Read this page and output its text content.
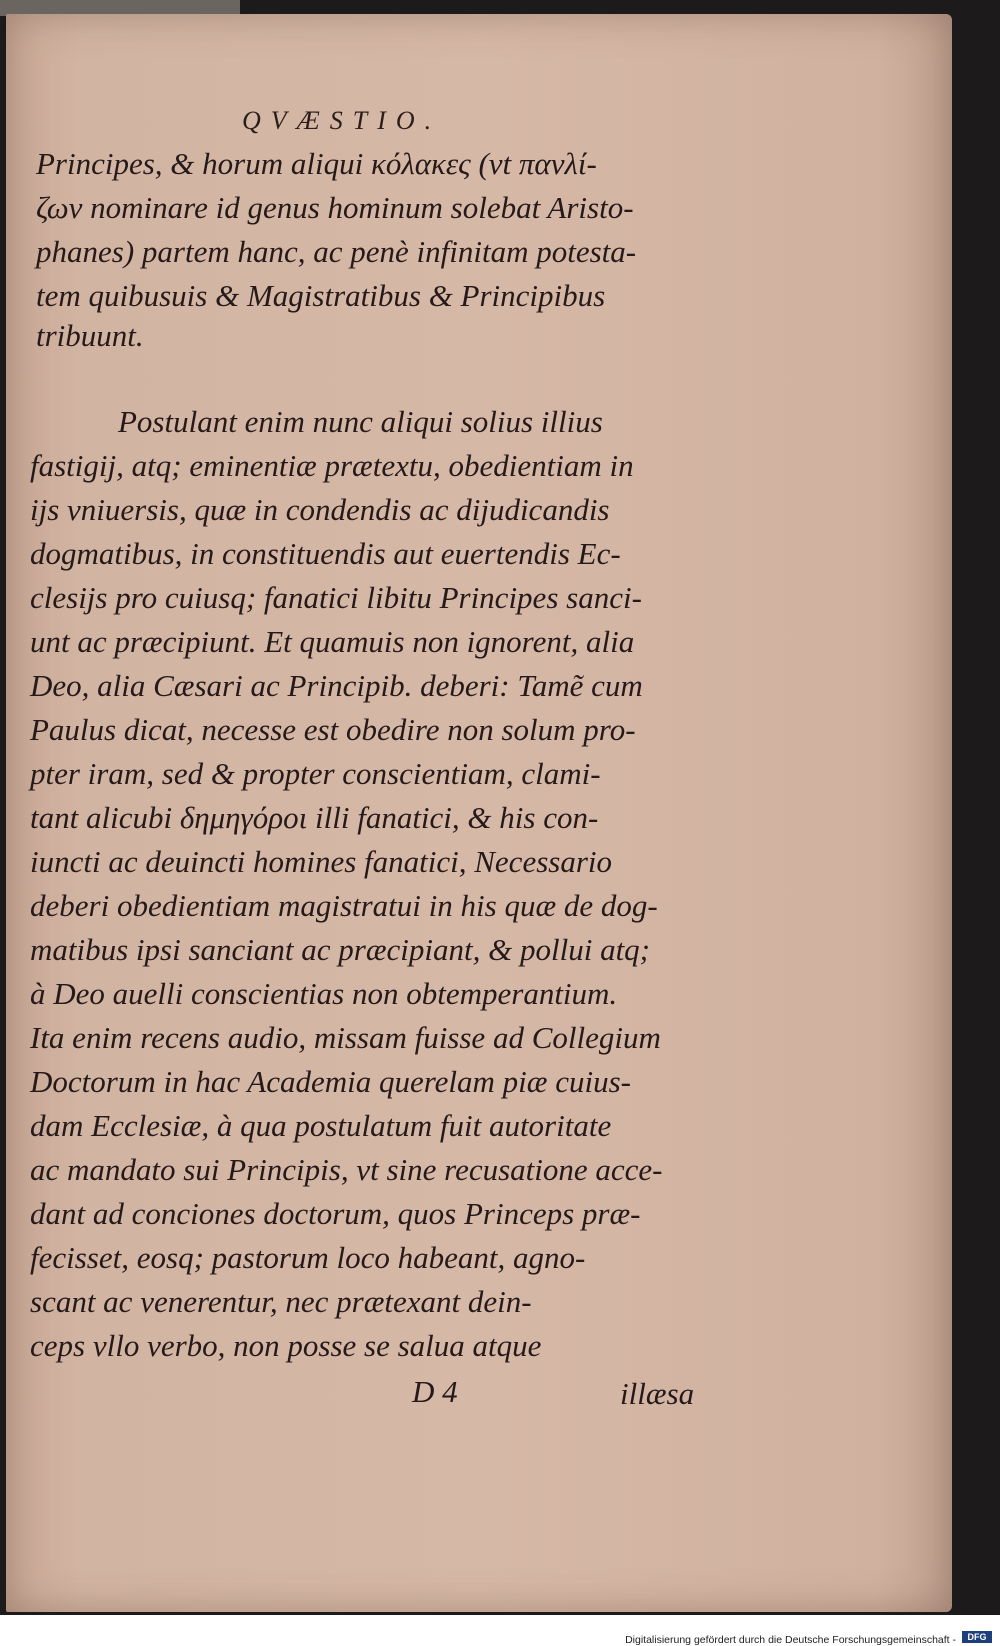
QVÆSTIO.
Principes, & horum aliqui κόλακες (vt πανλί-
ζων nominare id genus hominum solebat Aristo-
phanes) partem hanc, ac penè infinitam potesta-
tem quibusuis & Magistratibus & Principibus
tribuunt.
Postulant enim nunc aliqui solius illius
fastigij, atq; eminentiæ prætextu, obedientiam in
ijs vniuersis, quæ in condendis ac dijudicandis
dogmatibus, in constituendis aut euertendis Ec-
clesijs pro cuiusq; fanatici libitu Principes sanci-
unt ac præcipiunt. Et quamuis non ignorent, alia
Deo, alia Cæsari ac Principib. deberi: Tamẽ cum
Paulus dicat, necesse est obedire non solum pro-
pter iram, sed & propter conscientiam, clami-
tant alicubi δημηγόροι illi fanatici, & his con-
iuncti ac deuincti homines fanatici, Necessario
deberi obedientiam magistratui in his quæ de dog-
matibus ipsi sanciant ac præcipiant, & pollui atq;
à Deo auelli conscientias non obtemperantium.
Ita enim recens audio, missam fuisse ad Collegium
Doctorum in hac Academia querelam piæ cuius-
dam Ecclesiæ, à qua postulatum fuit autoritate
ac mandato sui Principis, vt sine recusatione acce-
dant ad conciones doctorum, quos Princeps præ-
fecisset, eosq; pastorum loco habeant, agno-
scant ac venerentur, nec prætexant dein-
ceps vllo verbo, non posse se salua atque
D 4	illæsa
Digitalisierung gefördert durch die Deutsche Forschungsgemeinschaft -	DFG
